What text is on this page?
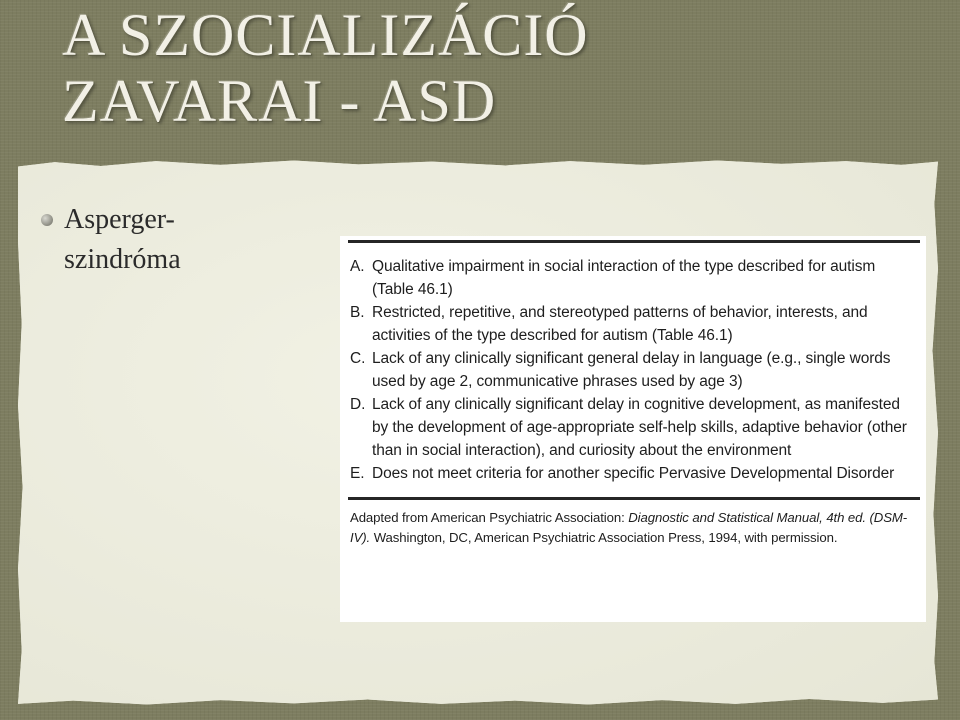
A SZOCIALIZÁCIÓ
ZAVARAI - ASD
Asperger-
szindróma	A. Qualitative impairment in social interaction of the type described for autism (Table 46.1)
B. Restricted, repetitive, and stereotyped patterns of behavior, interests, and activities of the type described for autism (Table 46.1)
C. Lack of any clinically significant general delay in language (e.g., single words used by age 2, communicative phrases used by age 3)
D. Lack of any clinically significant delay in cognitive development, as manifested by the development of age-appropriate self-help skills, adaptive behavior (other than in social interaction), and curiosity about the environment
E. Does not meet criteria for another specific Pervasive Developmental Disorder
Adapted from American Psychiatric Association: Diagnostic and Statistical Manual, 4th ed. (DSM-IV). Washington, DC, American Psychiatric Association Press, 1994, with permission.
